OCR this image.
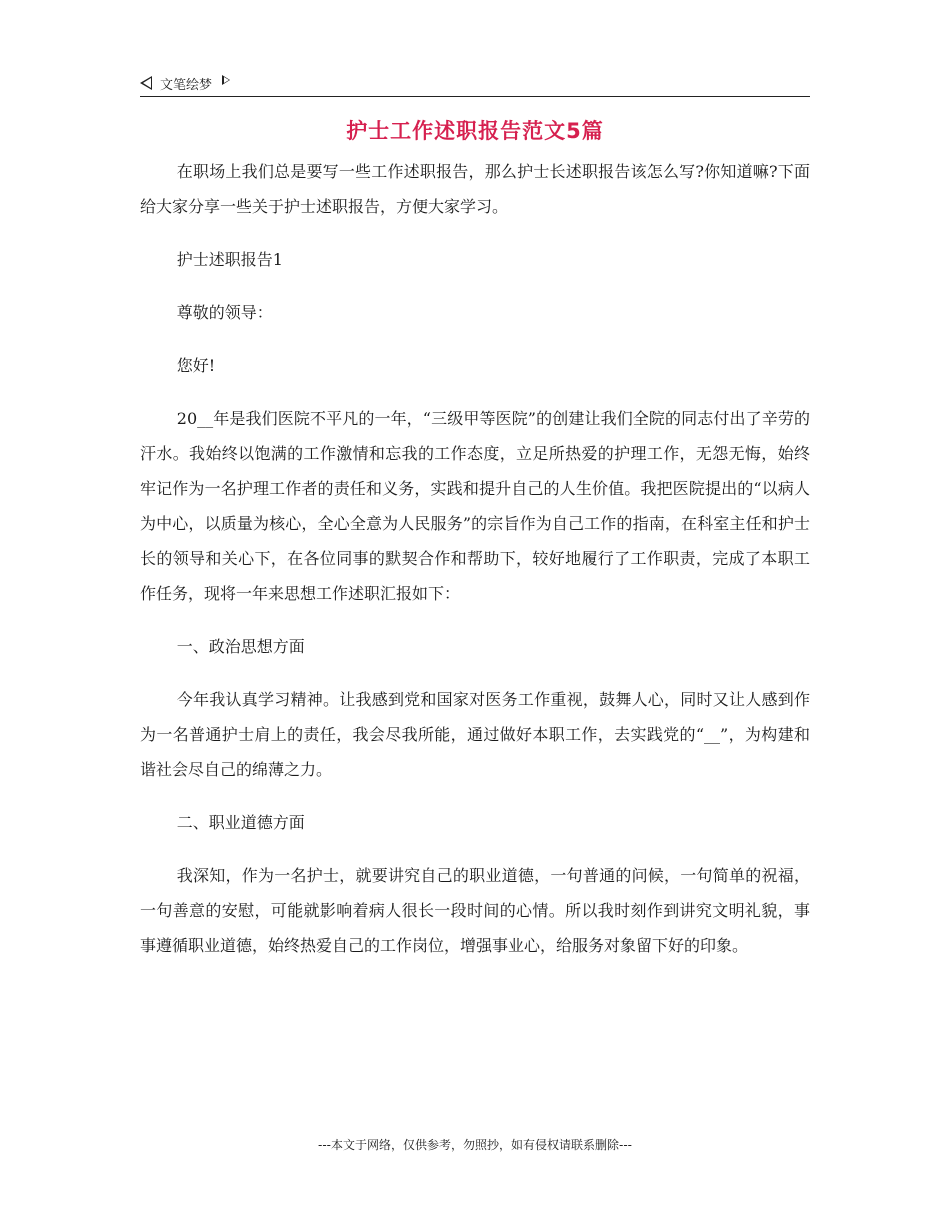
文笔绘梦
护士工作述职报告范文5篇

在职场上我们总是要写一些工作述职报告，那么护士长述职报告该怎么写?你知道嘛?下面给大家分享一些关于护士述职报告，方便大家学习。

护士述职报告1

尊敬的领导：

您好!

20__年是我们医院不平凡的一年，“三级甲等医院”的创建让我们全院的同志付出了辛劳的汗水。我始终以饱满的工作激情和忘我的工作态度，立足所热爱的护理工作，无怨无悔，始终牢记作为一名护理工作者的责任和义务，实践和提升自己的人生价值。我把医院提出的“以病人为中心，以质量为核心，全心全意为人民服务”的宗旨作为自己工作的指南，在科室主任和护士长的领导和关心下，在各位同事的默契合作和帮助下，较好地履行了工作职责，完成了本职工作任务，现将一年来思想工作述职汇报如下：

一、政治思想方面

今年我认真学习精神。让我感到党和国家对医务工作重视，鼓舞人心，同时又让人感到作为一名普通护士肩上的责任，我会尽我所能，通过做好本职工作，去实践党的“__”，为构建和谐社会尽自己的绵薄之力。

二、职业道德方面

我深知，作为一名护士，就要讲究自己的职业道德，一句普通的问候，一句简单的祝福，一句善意的安慰，可能就影响着病人很长一段时间的心情。所以我时刻作到讲究文明礼貌，事事遵循职业道德，始终热爱自己的工作岗位，增强事业心，给服务对象留下好的印象。

---本文于网络，仅供参考，勿照抄，如有侵权请联系删除---
